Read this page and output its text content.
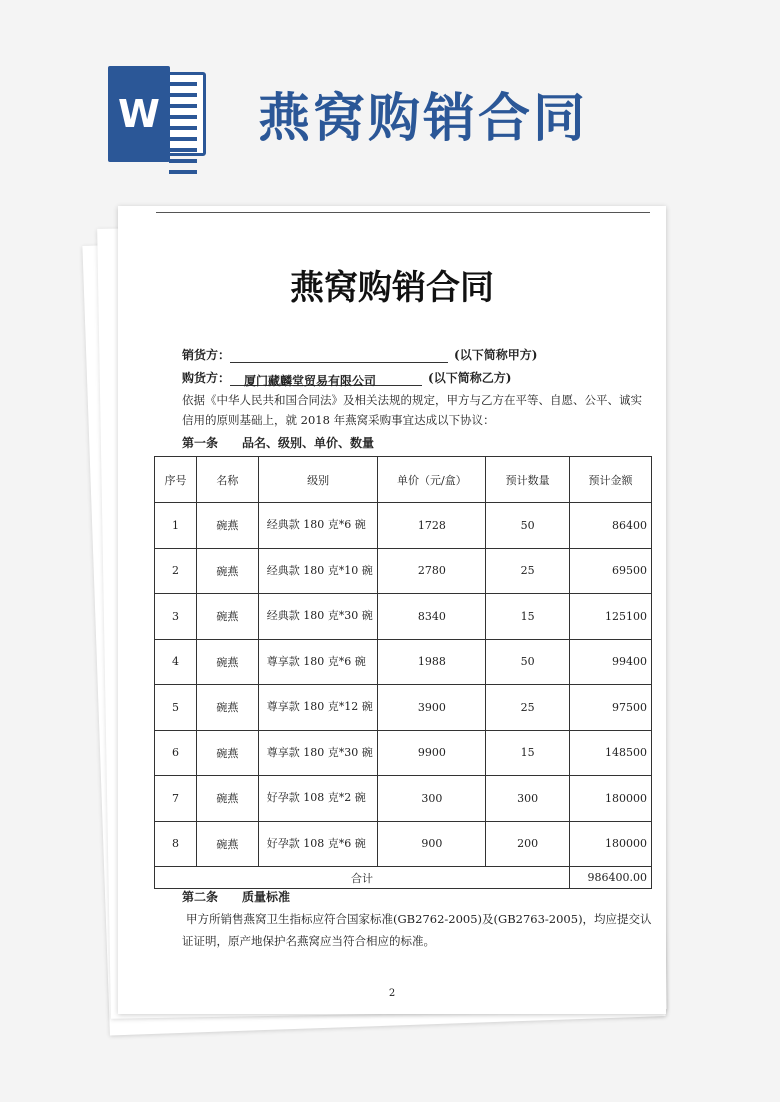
W 燕窝购销合同
燕窝购销合同
销货方：	(以下简称甲方)
购货方： 厦门藏麟堂贸易有限公司	(以下简称乙方)

依据《中华人民共和国合同法》及相关法规的规定，甲方与乙方在平等、自愿、公平、诚实信用的原则基础上，就 2018 年燕窝采购事宜达成以下协议：

第一条 品名、级别、单价、数量
序号	名称	级别	单价（元/盒）	预计数量	预计金额
1	碗燕	经典款 180 克*6 碗	1728	50	86400
2	碗燕	经典款 180 克*10 碗	2780	25	69500
3	碗燕	经典款 180 克*30 碗	8340	15	125100
4	碗燕	尊享款 180 克*6 碗	1988	50	99400
5	碗燕	尊享款 180 克*12 碗	3900	25	97500
6	碗燕	尊享款 180 克*30 碗	9900	15	148500
7	碗燕	好孕款 108 克*2 碗	300	300	180000
8	碗燕	好孕款 108 克*6 碗	900	200	180000
合计					986400.00
第二条 质量标准

甲方所销售燕窝卫生指标应符合国家标准(GB2762-2005)及(GB2763-2005)，均应提交认证证明，原产地保护名燕窝应当符合相应的标准。

2
